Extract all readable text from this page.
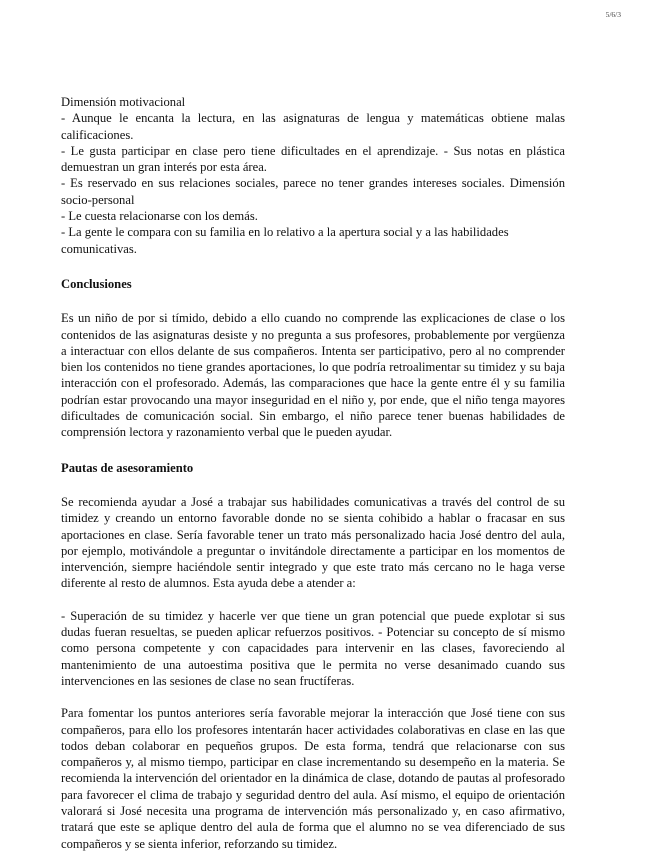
5/6/3

Dimensión motivacional

- Aunque le encanta la lectura, en las asignaturas de lengua y matemáticas obtiene malas calificaciones.

- Le gusta participar en clase pero tiene dificultades en el aprendizaje. - Sus notas en plástica demuestran un gran interés por esta área.

- Es reservado en sus relaciones sociales, parece no tener grandes intereses sociales. Dimensión socio-personal

- Le cuesta relacionarse con los demás.

- La gente le compara con su familia en lo relativo a la apertura social y a las habilidades comunicativas.

Conclusiones

Es un niño de por si tímido, debido a ello cuando no comprende las explicaciones de clase o los contenidos de las asignaturas desiste y no pregunta a sus profesores, probablemente por vergüenza a interactuar con ellos delante de sus compañeros. Intenta ser participativo, pero al no comprender bien los contenidos no tiene grandes aportaciones, lo que podría retroalimentar su timidez y su baja interacción con el profesorado. Además, las comparaciones que hace la gente entre él y su familia podrían estar provocando una mayor inseguridad en el niño y, por ende, que el niño tenga mayores dificultades de comunicación social. Sin embargo, el niño parece tener buenas habilidades de comprensión lectora y razonamiento verbal que le pueden ayudar.

Pautas de asesoramiento

Se recomienda ayudar a José a trabajar sus habilidades comunicativas a través del control de su timidez y creando un entorno favorable donde no se sienta cohibido a hablar o fracasar en sus aportaciones en clase. Sería favorable tener un trato más personalizado hacia José dentro del aula, por ejemplo, motivándole a preguntar o invitándole directamente a participar en los momentos de intervención, siempre haciéndole sentir integrado y que este trato más cercano no le haga verse diferente al resto de alumnos. Esta ayuda debe a atender a:

- Superación de su timidez y hacerle ver que tiene un gran potencial que puede explotar si sus dudas fueran resueltas, se pueden aplicar refuerzos positivos. - Potenciar su concepto de sí mismo como persona competente y con capacidades para intervenir en las clases, favoreciendo al mantenimiento de una autoestima positiva que le permita no verse desanimado cuando sus intervenciones en las sesiones de clase no sean fructíferas.

Para fomentar los puntos anteriores sería favorable mejorar la interacción que José tiene con sus compañeros, para ello los profesores intentarán hacer actividades colaborativas en clase en las que todos deban colaborar en pequeños grupos. De esta forma, tendrá que relacionarse con sus compañeros y, al mismo tiempo, participar en clase incrementando su desempeño en la materia. Se recomienda la intervención del orientador en la dinámica de clase, dotando de pautas al profesorado para favorecer el clima de trabajo y seguridad dentro del aula. Así mismo, el equipo de orientación valorará si José necesita una programa de intervención más personalizado y, en caso afirmativo, tratará que este se aplique dentro del aula de forma que el alumno no se vea diferenciado de sus compañeros y se sienta inferior, reforzando su timidez.
